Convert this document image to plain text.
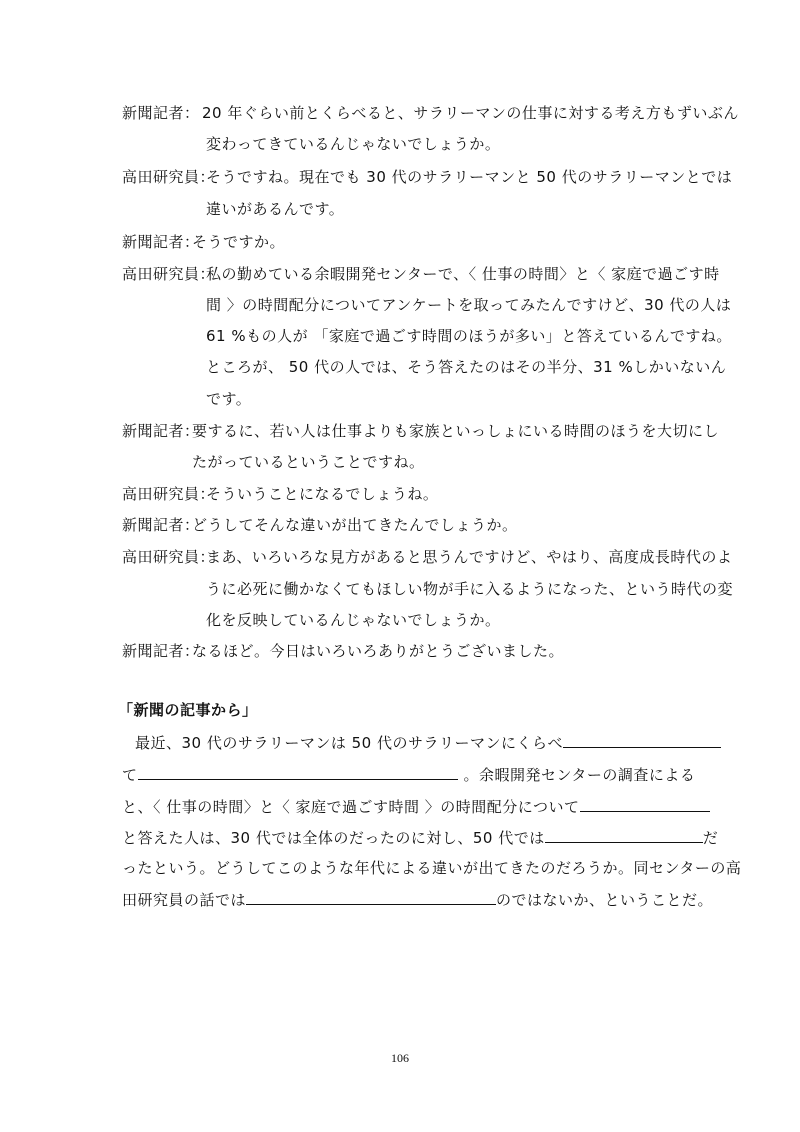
新聞記者： 20 年ぐらい前とくらべると、サラリーマンの仕事に対する考え方もずいぶん
変わってきているんじゃないでしょうか。
高田研究員：
そうですね。現在でも 30 代のサラリーマンと 50 代のサラリーマンとでは
違いがあるんです。
新聞記者：
そうですか。
高田研究員：
私の勤めている余暇開発センターで、〈 仕事の時間〉と〈 家庭で過ごす時
間 〉の時間配分についてアンケートを取ってみたんですけど、30 代の人は
61 %もの人が 「家庭で過ごす時間のほうが多い」と答えているんですね。
ところが、 50 代の人では、そう答えたのはその半分、31 %しかいないん
です。
新聞記者：
要するに、若い人は仕事よりも家族といっしょにいる時間のほうを大切にし
たがっているということですね。
高田研究員：
そういうことになるでしょうね。
新聞記者：
どうしてそんな違いが出てきたんでしょうか。
高田研究員：
まあ、いろいろな見方があると思うんですけど、やはり、高度成長時代のよ
うに必死に働かなくてもほしい物が手に入るようになった、という時代の変
化を反映しているんじゃないでしょうか。
新聞記者：
なるほど。今日はいろいろありがとうございました。
「新聞の記事から」
最近、30 代のサラリーマンは 50 代のサラリーマンにくらべ
て	。余暇開発センターの調査による
と、〈 仕事の時間〉と〈 家庭で過ごす時間 〉の時間配分について
と答えた人は、30 代では全体のだったのに対し、50 代では	だ
ったという。どうしてこのような年代による違いが出てきたのだろうか。同センターの高
田研究員の話では	のではないか、ということだ。
106
